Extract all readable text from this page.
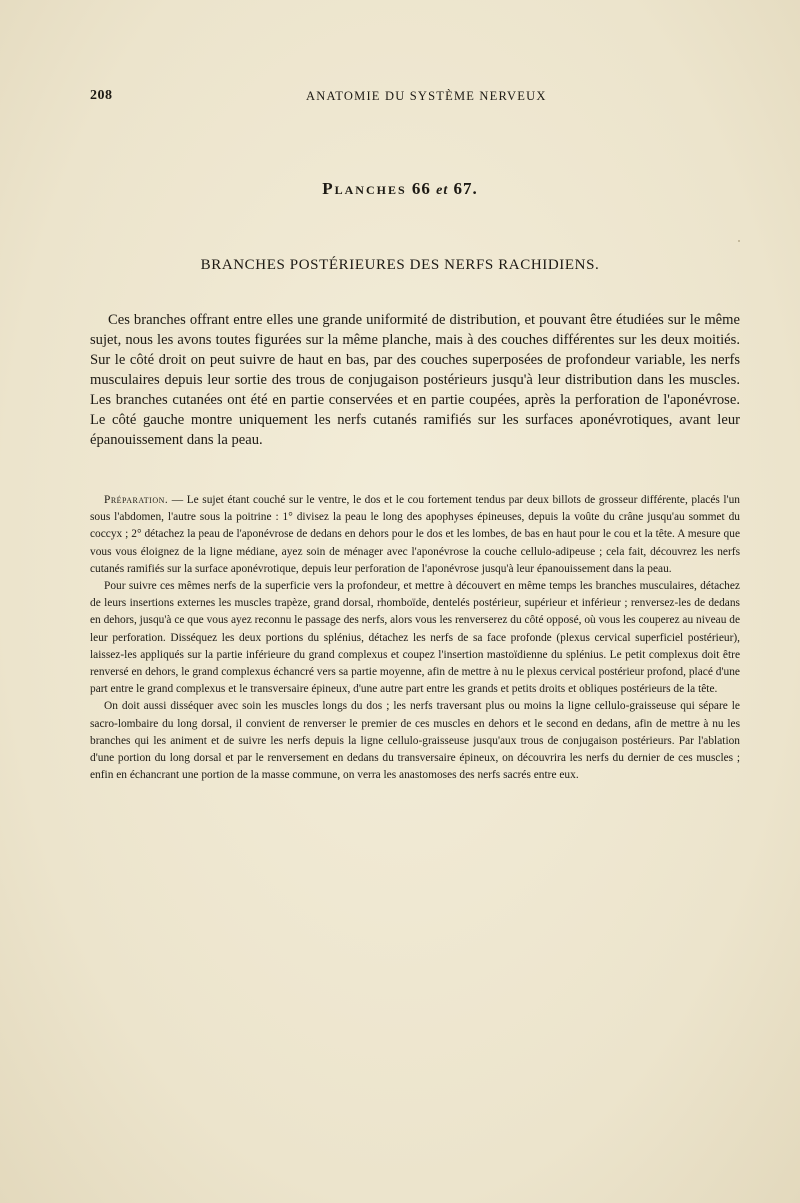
208	ANATOMIE DU SYSTÈME NERVEUX
Planches 66 et 67.
BRANCHES POSTÉRIEURES DES NERFS RACHIDIENS.

Ces branches offrant entre elles une grande uniformité de distribution, et pouvant être étudiées sur le même sujet, nous les avons toutes figurées sur la même planche, mais à des couches différentes sur les deux moitiés. Sur le côté droit on peut suivre de haut en bas, par des couches superposées de profondeur variable, les nerfs musculaires depuis leur sortie des trous de conjugaison postérieurs jusqu'à leur distribution dans les muscles. Les branches cutanées ont été en partie conservées et en partie coupées, après la perforation de l'aponévrose. Le côté gauche montre uniquement les nerfs cutanés ramifiés sur les surfaces aponévrotiques, avant leur épanouissement dans la peau.

Préparation. — Le sujet étant couché sur le ventre, le dos et le cou fortement tendus par deux billots de grosseur différente, placés l'un sous l'abdomen, l'autre sous la poitrine : 1° divisez la peau le long des apophyses épineuses, depuis la voûte du crâne jusqu'au sommet du coccyx ; 2° détachez la peau de l'aponévrose de dedans en dehors pour le dos et les lombes, de bas en haut pour le cou et la tête. A mesure que vous vous éloignez de la ligne médiane, ayez soin de ménager avec l'aponévrose la couche cellulo-adipeuse ; cela fait, découvrez les nerfs cutanés ramifiés sur la surface aponévrotique, depuis leur perforation de l'aponévrose jusqu'à leur épanouissement dans la peau.

Pour suivre ces mêmes nerfs de la superficie vers la profondeur, et mettre à découvert en même temps les branches musculaires, détachez de leurs insertions externes les muscles trapèze, grand dorsal, rhomboïde, dentelés postérieur, supérieur et inférieur ; renversez-les de dedans en dehors, jusqu'à ce que vous ayez reconnu le passage des nerfs, alors vous les renverserez du côté opposé, où vous les couperez au niveau de leur perforation. Disséquez les deux portions du splénius, détachez les nerfs de sa face profonde (plexus cervical superficiel postérieur), laissez-les appliqués sur la partie inférieure du grand complexus et coupez l'insertion mastoïdienne du splénius. Le petit complexus doit être renversé en dehors, le grand complexus échancré vers sa partie moyenne, afin de mettre à nu le plexus cervical postérieur profond, placé d'une part entre le grand complexus et le transversaire épineux, d'une autre part entre les grands et petits droits et obliques postérieurs de la tête.

On doit aussi disséquer avec soin les muscles longs du dos ; les nerfs traversant plus ou moins la ligne cellulo-graisseuse qui sépare le sacro-lombaire du long dorsal, il convient de renverser le premier de ces muscles en dehors et le second en dedans, afin de mettre à nu les branches qui les animent et de suivre les nerfs depuis la ligne cellulo-graisseuse jusqu'aux trous de conjugaison postérieurs. Par l'ablation d'une portion du long dorsal et par le renversement en dedans du transversaire épineux, on découvrira les nerfs du dernier de ces muscles ; enfin en échancrant une portion de la masse commune, on verra les anastomoses des nerfs sacrés entre eux.
